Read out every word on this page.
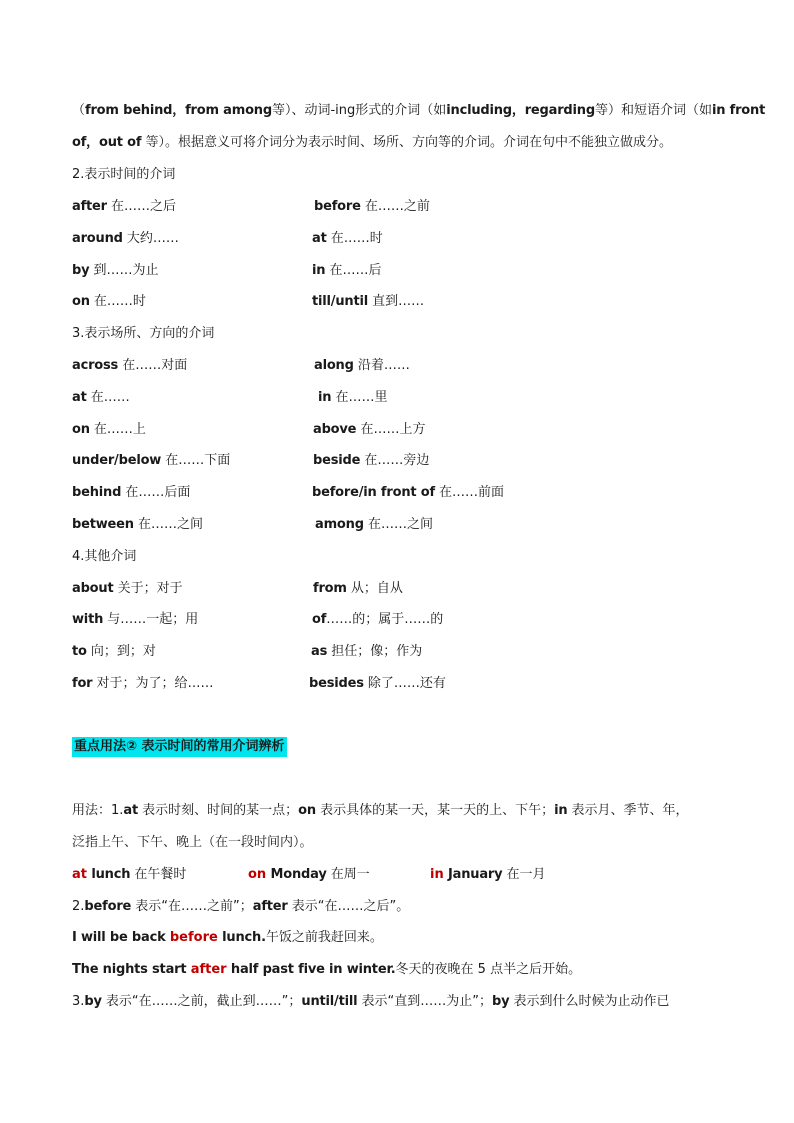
（from behind，from among等）、动词-ing形式的介词（如including，regarding等）和短语介词（如in front
of，out of 等）。根据意义可将介词分为表示时间、场所、方向等的介词。介词在句中不能独立做成分。
2.表示时间的介词
after 在……之后	before 在……之前
around 大约……	at 在……时
by 到……为止	in 在……后
on 在……时	till/until 直到……
3.表示场所、方向的介词
across 在……对面	along 沿着……
at 在……	in 在……里
on 在……上	above 在……上方
under/below 在……下面	beside 在……旁边
behind 在……后面	before/in front of 在……前面
between 在……之间	among 在……之间
4.其他介词
about 关于；对于	from 从；自从
with 与……一起；用	of……的；属于……的
to 向；到；对	as 担任；像；作为
for 对于；为了；给……	besides 除了……还有
重点用法② 表示时间的常用介词辨析
用法：1.at 表示时刻、时间的某一点；on 表示具体的某一天，某一天的上、下午；in 表示月、季节、年，
泛指上午、下午、晚上（在一段时间内）。
at lunch 在午餐时	on Monday 在周一	in January 在一月
2.before 表示“在……之前”；after 表示“在……之后”。
I will be back before lunch.午饭之前我赶回来。
The nights start after half past five in winter.冬天的夜晚在 5 点半之后开始。
3.by 表示“在……之前，截止到……”；until/till 表示“直到……为止”；by 表示到什么时候为止动作已
